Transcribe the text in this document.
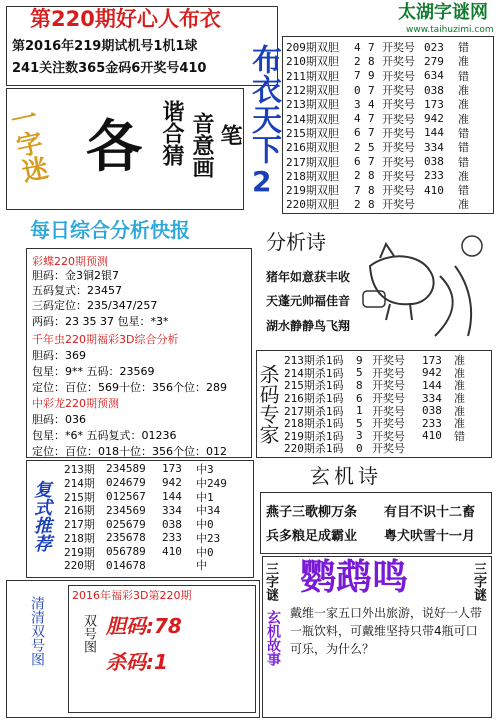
第220期好心人布衣
第2016年219期试机号1机1球
241关注数365金码6开奖号410
太湖字谜网
www.taihuzimi.com
一字迷 各 谐合猜 音意画 笔 布衣天下
2
209期双胆	4 7 开奖号 023	错
210期双胆	2 8 开奖号 279	准
211期双胆	7 9 开奖号 634	错
212期双胆	0 7 开奖号 038	准
213期双胆	3 4 开奖号 173	准
214期双胆	4 7 开奖号 942	准
215期双胆	6 7 开奖号 144	错
216期双胆	2 5 开奖号 334	错
217期双胆	6 7 开奖号 038	错
218期双胆	2 8 开奖号 233	准
219期双胆	7 8 开奖号 410	错
220期双胆	2 8 开奖号	准
每日综合分析快报	分析诗
猪年如意获丰收
天蓬元帅福佳音
湖水静静鸟飞翔
彩蝶220期预测
胆码：金3铜2银7
五码复式：23457
三码定位：235/347/257
两码：23 35 37 包星：*3*
千年虫220期福彩3D综合分析
胆码：369
包星：9** 五码：23569
定位：百位：569十位：356个位：289
中彩龙220期预测
胆码：036
包星：*6* 五码复式：01236
定位：百位：018十位：356个位：012
杀码专家
213期杀1码	9 开奖号	173	准
214期杀1码	5 开奖号	942	准
215期杀1码	8 开奖号	144	准
216期杀1码	6 开奖号	334	准
217期杀1码	1 开奖号	038	准
218期杀1码	5 开奖号	233	准
219期杀1码	3 开奖号	410	错
220期杀1码	0 开奖号
复式推荐
213期	234589	173	中3
214期	024679	942	中249
215期	012567	144	中1
216期	234569	334	中34
217期	025679	038	中0
218期	235678	233	中23
219期	056789	410	中0
220期	014678	中
玄机诗
燕子三歌柳万条 有目不识十二畜
兵多粮足成霸业 粤犬吠雪十一月
清清双号图
2016年福彩3D第220期
双号图 胆码:78
杀码:1
三字谜	三字谜
鹦鹉鸣
玄机故事 戴维一家五口外出旅游，说好一人带一瓶饮料，可戴维坚持只带4瓶可口可乐，为什么？
